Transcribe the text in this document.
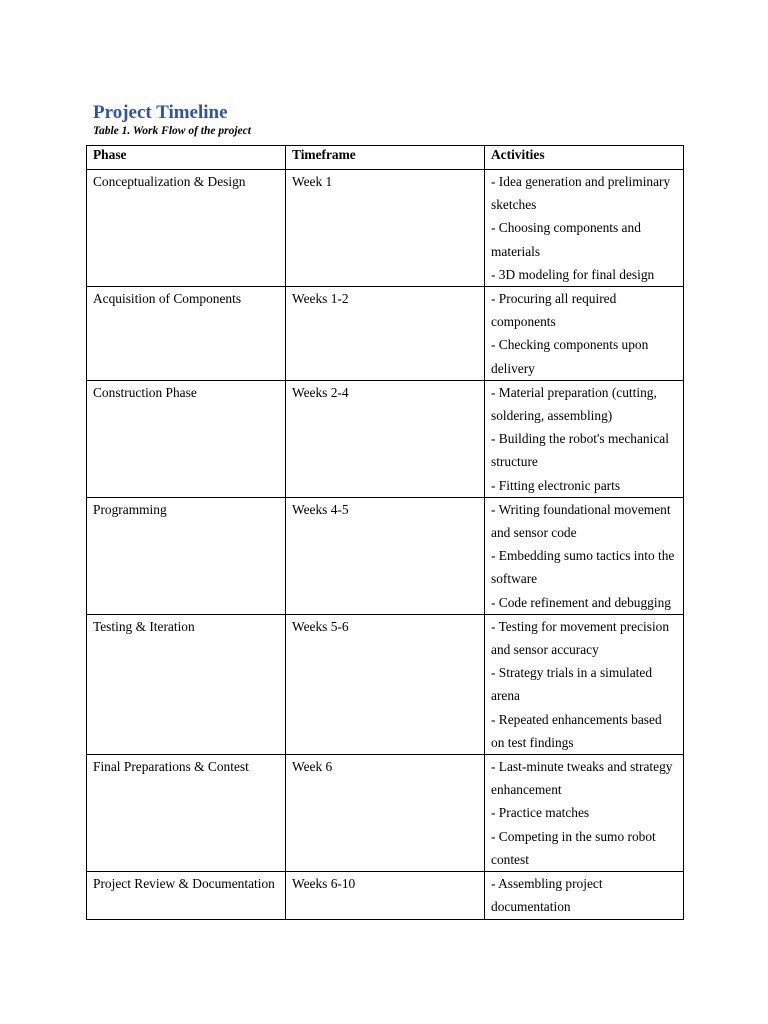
Project Timeline
Table 1. Work Flow of the project
Phase	Timeframe	Activities
Conceptualization & Design	Week 1	- Idea generation and preliminary sketches
- Choosing components and materials
- 3D modeling for final design

Acquisition of Components	Weeks 1-2	- Procuring all required components
- Checking components upon delivery

Construction Phase	Weeks 2-4	- Material preparation (cutting, soldering, assembling)
- Building the robot's mechanical structure
- Fitting electronic parts

Programming	Weeks 4-5	- Writing foundational movement and sensor code
- Embedding sumo tactics into the software
- Code refinement and debugging

Testing & Iteration	Weeks 5-6	- Testing for movement precision and sensor accuracy
- Strategy trials in a simulated arena
- Repeated enhancements based on test findings

Final Preparations & Contest	Week 6	- Last-minute tweaks and strategy enhancement
- Practice matches
- Competing in the sumo robot contest

Project Review & Documentation	Weeks 6-10	- Assembling project documentation
